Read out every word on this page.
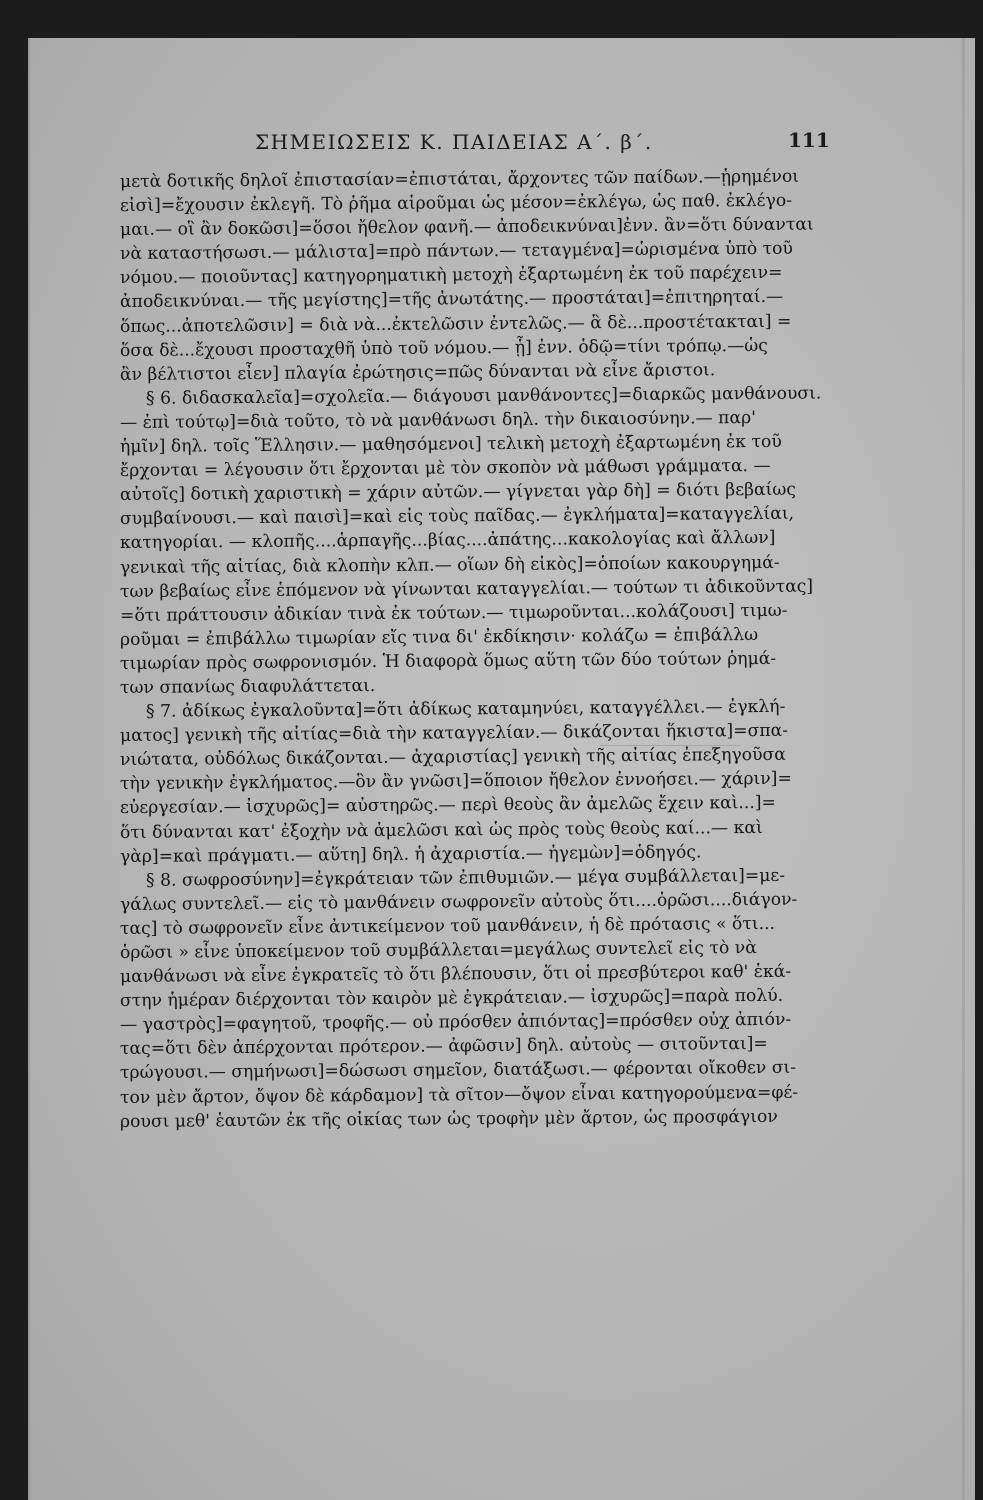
ΣΗΜΕΙΩΣΕΙΣ Κ. ΠΑΙΔΕΙΑΣ Α΄. β΄.	111
μετὰ δοτικῆς δηλοῖ ἐπιστασίαν=ἐπιστάται, ἄρχοντες τῶν παίδων.—ᾑρημένοι
εἰσὶ]=ἔχουσιν ἐκλεγῆ. Τὸ ῥῆμα αἱροῦμαι ὡς μέσον=ἐκλέγω, ὡς παθ. ἐκλέγο-
μαι.— οἳ ἂν δοκῶσι]=ὅσοι ἤθελον φανῆ.— ἀποδεικνύναι]ἐνν. ἂν=ὅτι δύνανται
νὰ καταστήσωσι.— μάλιστα]=πρὸ πάντων.— τεταγμένα]=ὡρισμένα ὑπὸ τοῦ
νόμου.— ποιοῦντας] κατηγορηματικὴ μετοχὴ ἐξαρτωμένη ἐκ τοῦ παρέχειν=
ἀποδεικνύναι.— τῆς μεγίστης]=τῆς ἀνωτάτης.— προστάται]=ἐπιτηρηταί.—
ὅπως...ἀποτελῶσιν] = διὰ νὰ...ἐκτελῶσιν ἐντελῶς.— ἃ δὲ...προστέτακται] =
ὅσα δὲ...ἔχουσι προσταχθῆ ὑπὸ τοῦ νόμου.— ᾗ] ἐνν. ὁδῷ=τίνι τρόπῳ.—ὡς
ἂν βέλτιστοι εἶεν] πλαγία ἐρώτησις=πῶς δύνανται νὰ εἶνε ἄριστοι.
§ 6. διδασκαλεῖα]=σχολεῖα.— διάγουσι μανθάνοντες]=διαρκῶς μανθάνουσι.
— ἐπὶ τούτῳ]=διὰ τοῦτο, τὸ νὰ μανθάνωσι δηλ. τὴν δικαιοσύνην.— παρ'
ἡμῖν] δηλ. τοῖς Ἕλλησιν.— μαθησόμενοι] τελικὴ μετοχὴ ἐξαρτωμένη ἐκ τοῦ
ἔρχονται = λέγουσιν ὅτι ἔρχονται μὲ τὸν σκοπὸν νὰ μάθωσι γράμματα. —
αὐτοῖς] δοτικὴ χαριστικὴ = χάριν αὐτῶν.— γίγνεται γὰρ δὴ] = διότι βεβαίως
συμβαίνουσι.— καὶ παισὶ]=καὶ εἰς τοὺς παῖδας.— ἐγκλήματα]=καταγγελίαι,
κατηγορίαι. — κλοπῆς....ἁρπαγῆς...βίας....ἀπάτης...κακολογίας καὶ ἄλλων]
γενικαὶ τῆς αἰτίας, διὰ κλοπὴν κλπ.— οἵων δὴ εἰκὸς]=ὁποίων κακουργημά-
των βεβαίως εἶνε ἑπόμενον νὰ γίνωνται καταγγελίαι.— τούτων τι ἀδικοῦντας]
=ὅτι πράττουσιν ἀδικίαν τινὰ ἐκ τούτων.— τιμωροῦνται...κολάζουσι] τιμω-
ροῦμαι = ἐπιβάλλω τιμωρίαν εἴς τινα δι' ἐκδίκησιν· κολάζω = ἐπιβάλλω
τιμωρίαν πρὸς σωφρονισμόν. Ἡ διαφορὰ ὅμως αὕτη τῶν δύο τούτων ῥημά-
των σπανίως διαφυλάττεται.
§ 7. ἀδίκως ἐγκαλοῦντα]=ὅτι ἀδίκως καταμηνύει, καταγγέλλει.— ἐγκλή-
ματος] γενικὴ τῆς αἰτίας=διὰ τὴν καταγγελίαν.— δικάζονται ἥκιστα]=σπα-
νιώτατα, οὐδόλως δικάζονται.— ἀχαριστίας] γενικὴ τῆς αἰτίας ἐπεξηγοῦσα
τὴν γενικὴν ἐγκλήματος.—ὃν ἂν γνῶσι]=ὅποιον ἤθελον ἐννοήσει.— χάριν]=
εὐεργεσίαν.— ἰσχυρῶς]= αὐστηρῶς.— περὶ θεοὺς ἂν ἀμελῶς ἔχειν καὶ...]=
ὅτι δύνανται κατ' ἐξοχὴν νὰ ἀμελῶσι καὶ ὡς πρὸς τοὺς θεοὺς καί...— καὶ
γὰρ]=καὶ πράγματι.— αὕτη] δηλ. ἡ ἀχαριστία.— ἡγεμὼν]=ὁδηγός.
§ 8. σωφροσύνην]=ἐγκράτειαν τῶν ἐπιθυμιῶν.— μέγα συμβάλλεται]=με-
γάλως συντελεῖ.— εἰς τὸ μανθάνειν σωφρονεῖν αὐτοὺς ὅτι....ὁρῶσι....διάγον-
τας] τὸ σωφρονεῖν εἶνε ἀντικείμενον τοῦ μανθάνειν, ἡ δὲ πρότασις « ὅτι...
ὁρῶσι » εἶνε ὑποκείμενον τοῦ συμβάλλεται=μεγάλως συντελεῖ εἰς τὸ νὰ
μανθάνωσι νὰ εἶνε ἐγκρατεῖς τὸ ὅτι βλέπουσιν, ὅτι οἱ πρεσβύτεροι καθ' ἑκά-
στην ἡμέραν διέρχονται τὸν καιρὸν μὲ ἐγκράτειαν.— ἰσχυρῶς]=παρὰ πολύ.
— γαστρὸς]=φαγητοῦ, τροφῆς.— οὐ πρόσθεν ἀπιόντας]=πρόσθεν οὐχ ἀπιόν-
τας=ὅτι δὲν ἀπέρχονται πρότερον.— ἀφῶσιν] δηλ. αὐτοὺς — σιτοῦνται]=
τρώγουσι.— σημήνωσι]=δώσωσι σημεῖον, διατάξωσι.— φέρονται οἴκοθεν σι-
τον μὲν ἄρτον, ὄψον δὲ κάρδαμον] τὰ σῖτον—ὄψον εἶναι κατηγορούμενα=φέ-
ρουσι μεθ' ἑαυτῶν ἐκ τῆς οἰκίας των ὡς τροφὴν μὲν ἄρτον, ὡς προσφάγιον
